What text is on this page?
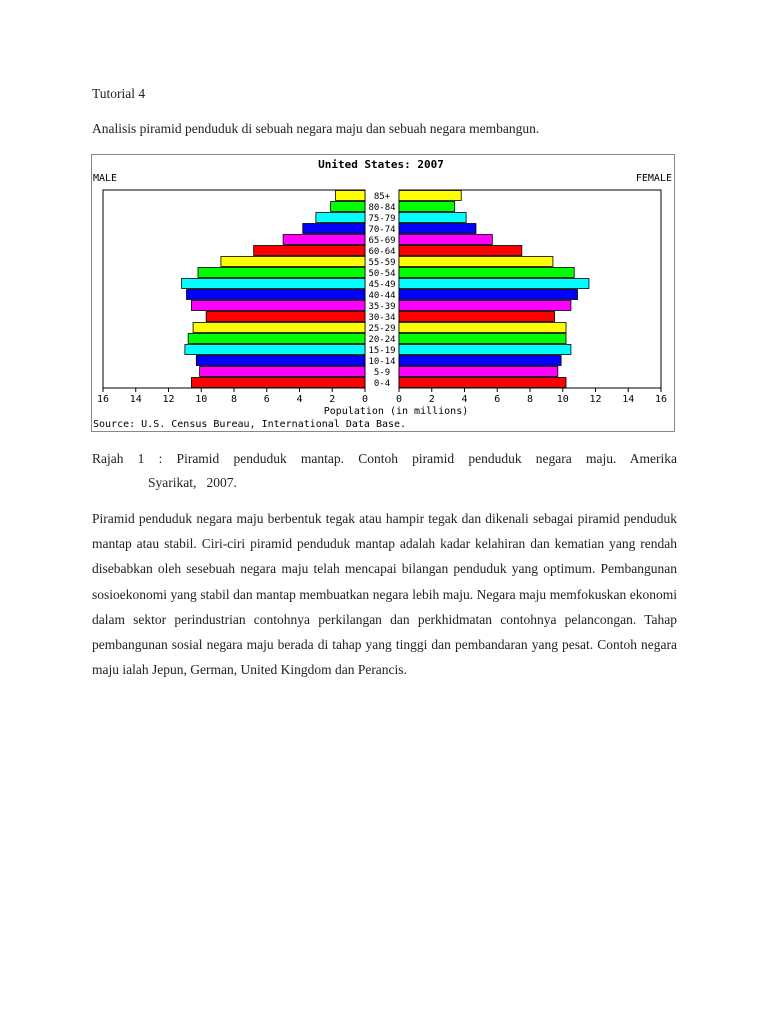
Tutorial 4
Analisis piramid penduduk di sebuah negara maju dan sebuah negara membangun.
United States: 2007
MALE	FEMALE
85+
80-84
75-79
70-74
65-69
60-64
55-59
50-54
45-49
40-44
35-39
30-34
25-29
20-24
15-19
10-14
5-9
0-4
16 14 12 10 8	6	4	2	0	0	2	4	6	8 10 12 14 16
Population (in millions)
Source: U.S. Census Bureau, International Data Base.
Rajah 1 : Piramid penduduk mantap. Contoh piramid penduduk negara maju. Amerika
Syarikat,   2007.
Piramid penduduk negara maju berbentuk tegak atau hampir tegak dan dikenali sebagai piramid penduduk mantap atau stabil. Ciri-ciri piramid penduduk mantap adalah kadar kelahiran dan kematian yang rendah disebabkan oleh sesebuah negara maju telah mencapai bilangan penduduk yang optimum. Pembangunan sosioekonomi yang stabil dan mantap membuatkan negara lebih maju. Negara maju memfokuskan ekonomi dalam sektor perindustrian contohnya perkilangan dan perkhidmatan contohnya pelancongan. Tahap pembangunan sosial negara maju berada di tahap yang tinggi dan pembandaran yang pesat. Contoh negara maju ialah Jepun, German, United Kingdom dan Perancis.
